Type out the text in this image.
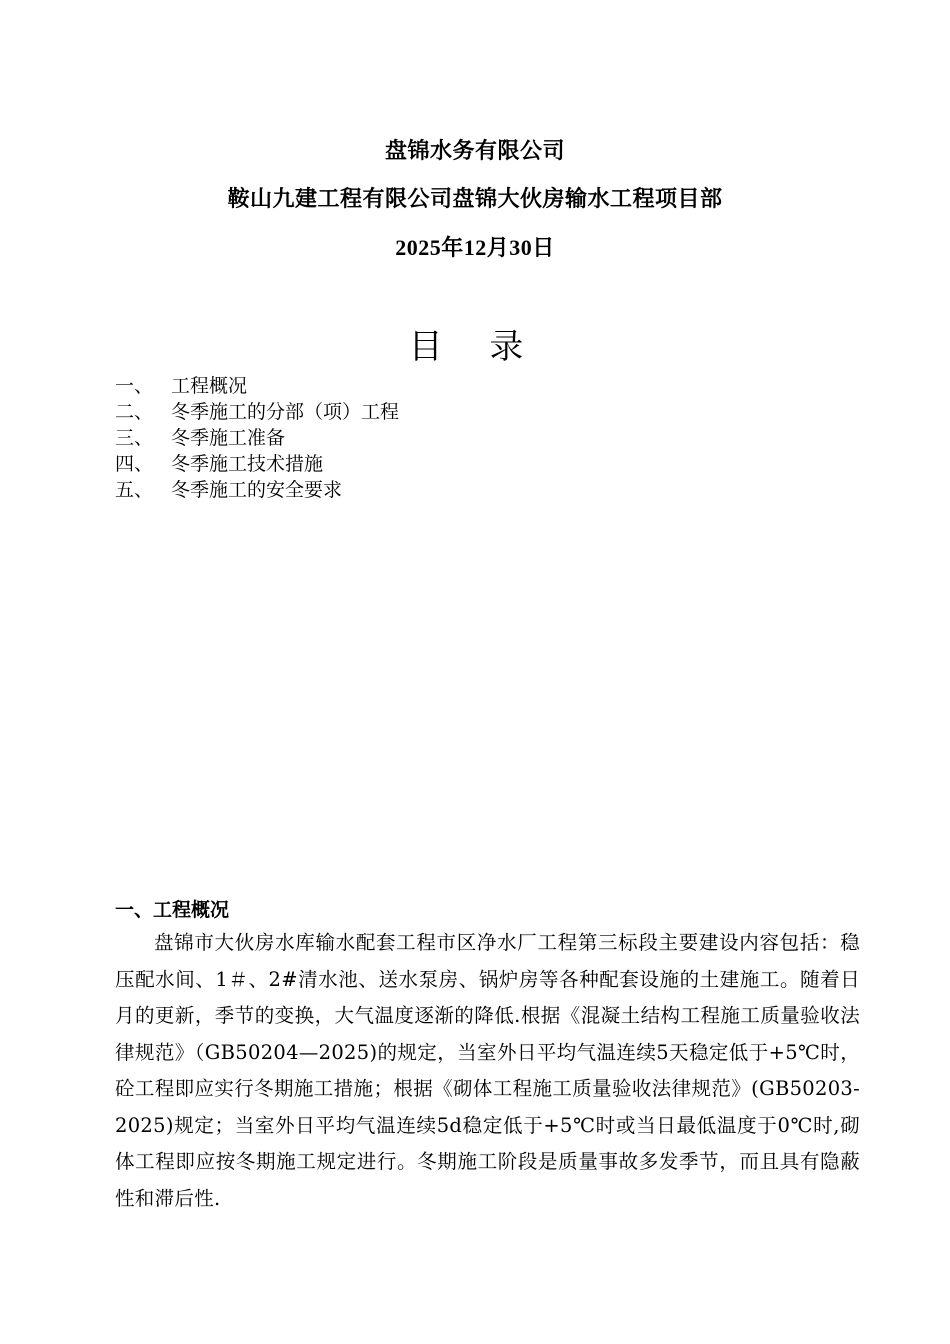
盘锦水务有限公司

鞍山九建工程有限公司盘锦大伙房输水工程项目部

2025年12月30日

目 录
一、 工程概况
二、 冬季施工的分部（项）工程
三、 冬季施工准备
四、 冬季施工技术措施
五、 冬季施工的安全要求
一、工程概况

盘锦市大伙房水库输水配套工程市区净水厂工程第三标段主要建设内容包括：稳压配水间、1＃、2#清水池、送水泵房、锅炉房等各种配套设施的土建施工。随着日月的更新，季节的变换，大气温度逐渐的降低.根据《混凝土结构工程施工质量验收法律规范》（GB50204—2025)的规定，当室外日平均气温连续5天稳定低于+5℃时，砼工程即应实行冬期施工措施；根据《砌体工程施工质量验收法律规范》(GB50203-2025)规定；当室外日平均气温连续5d稳定低于+5℃时或当日最低温度于0℃时,砌体工程即应按冬期施工规定进行。冬期施工阶段是质量事故多发季节，而且具有隐蔽性和滞后性.
